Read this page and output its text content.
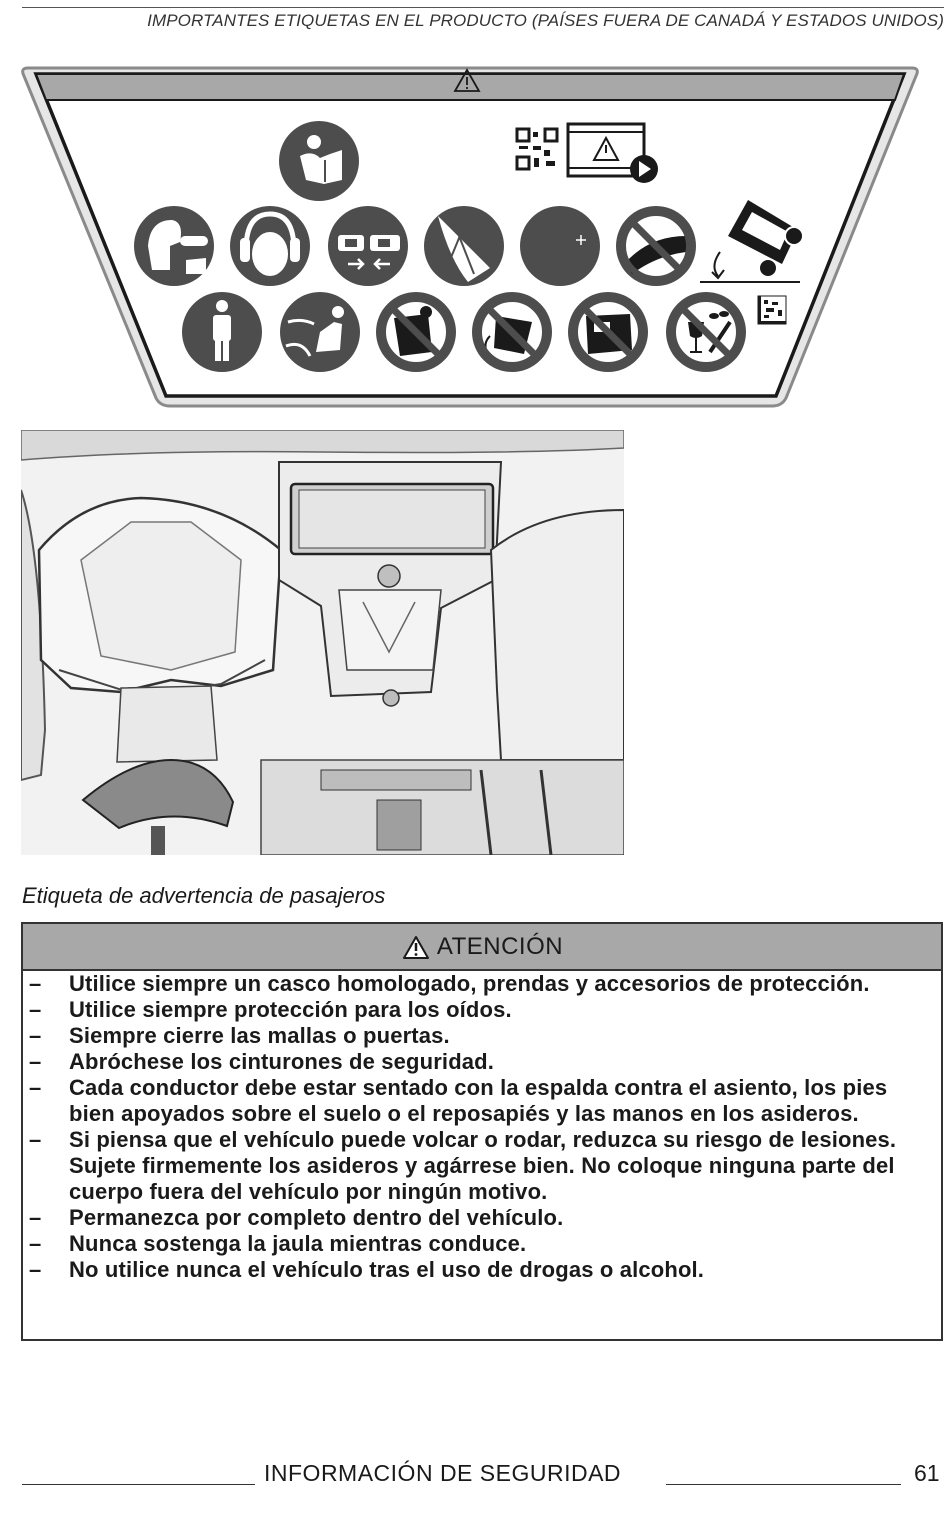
IMPORTANTES ETIQUETAS EN EL PRODUCTO (PAÍSES FUERA DE CANADÁ Y ESTADOS UNIDOS)
Etiqueta de advertencia de pasajeros
ATENCIÓN
– Utilice siempre un casco homologado, prendas y accesorios de protección.
– Utilice siempre protección para los oídos.
– Siempre cierre las mallas o puertas.
– Abróchese los cinturones de seguridad.
– Cada conductor debe estar sentado con la espalda contra el asiento, los pies bien apoyados sobre el suelo o el reposapiés y las manos en los asideros.
– Si piensa que el vehículo puede volcar o rodar, reduzca su riesgo de lesiones. Sujete firmemente los asideros y agárrese bien. No coloque ninguna parte del cuerpo fuera del vehículo por ningún motivo.
– Permanezca por completo dentro del vehículo.
– Nunca sostenga la jaula mientras conduce.
– No utilice nunca el vehículo tras el uso de drogas o alcohol.
INFORMACIÓN DE SEGURIDAD	61
